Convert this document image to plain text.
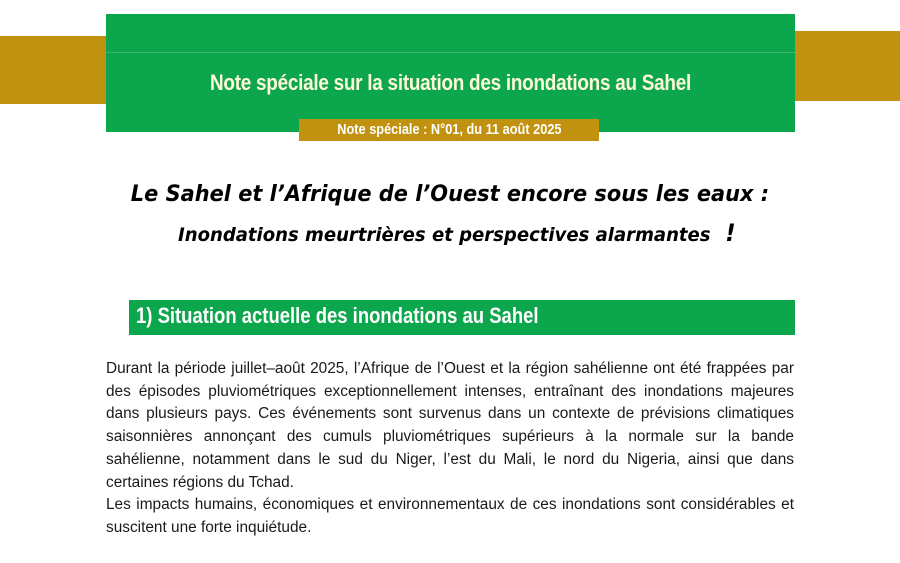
Note spéciale sur la situation des inondations au Sahel
Note spéciale : N°01, du 11 août 2025
Le Sahel et l’Afrique de l’Ouest encore sous les eaux :
Inondations meurtrières et perspectives alarmantes !
1) Situation actuelle des inondations au Sahel

Durant la période juillet–août 2025, l’Afrique de l’Ouest et la région sahélienne ont été frappées par des épisodes pluviométriques exceptionnellement intenses, entraînant des inondations majeures dans plusieurs pays. Ces événements sont survenus dans un contexte de prévisions climatiques saisonnières annonçant des cumuls pluviométriques supérieurs à la normale sur la bande sahélienne, notamment dans le sud du Niger, l’est du Mali, le nord du Nigeria, ainsi que dans certaines régions du Tchad.

Les impacts humains, économiques et environnementaux de ces inondations sont considérables et suscitent une forte inquiétude.
